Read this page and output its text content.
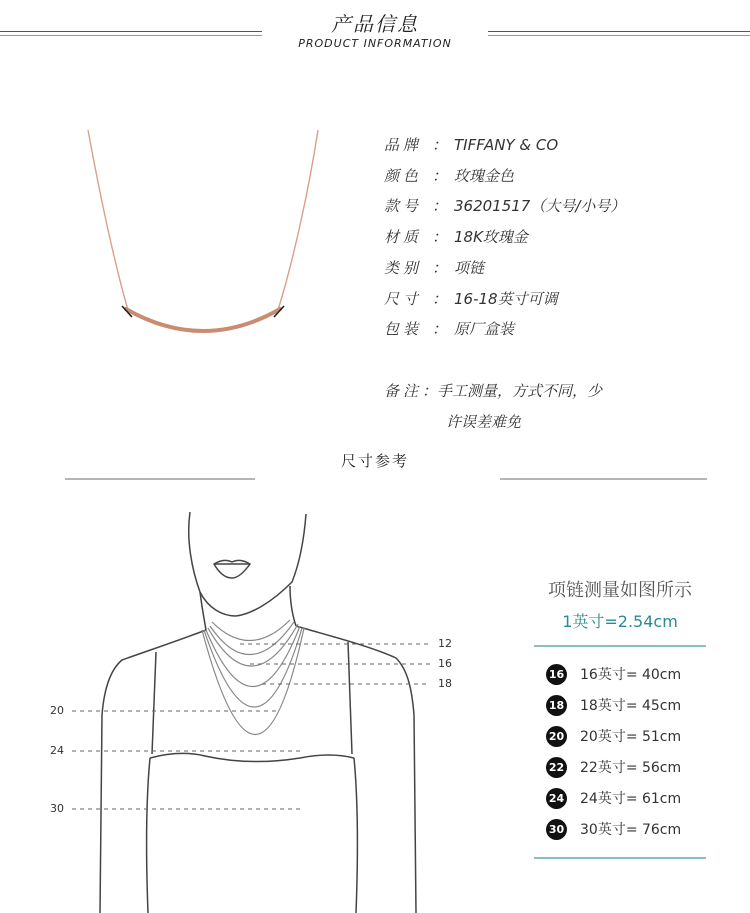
产品信息
PRODUCT INFORMATION
品牌 ： TIFFANY & CO
颜色 ： 玫瑰金色
款号 ： 36201517（大号/小号）
材质 ： 18K玫瑰金
类别 ： 项链
尺寸 ： 16-18英寸可调
包装 ： 原厂盒装
备注：手工测量，方式不同，少
许误差难免
尺寸参考
12
16
18
20
24
30
项链测量如图所示
1英寸=2.54cm
16 16英寸= 40cm
18 18英寸= 45cm
20 20英寸= 51cm
22 22英寸= 56cm
24 24英寸= 61cm
30 30英寸= 76cm
